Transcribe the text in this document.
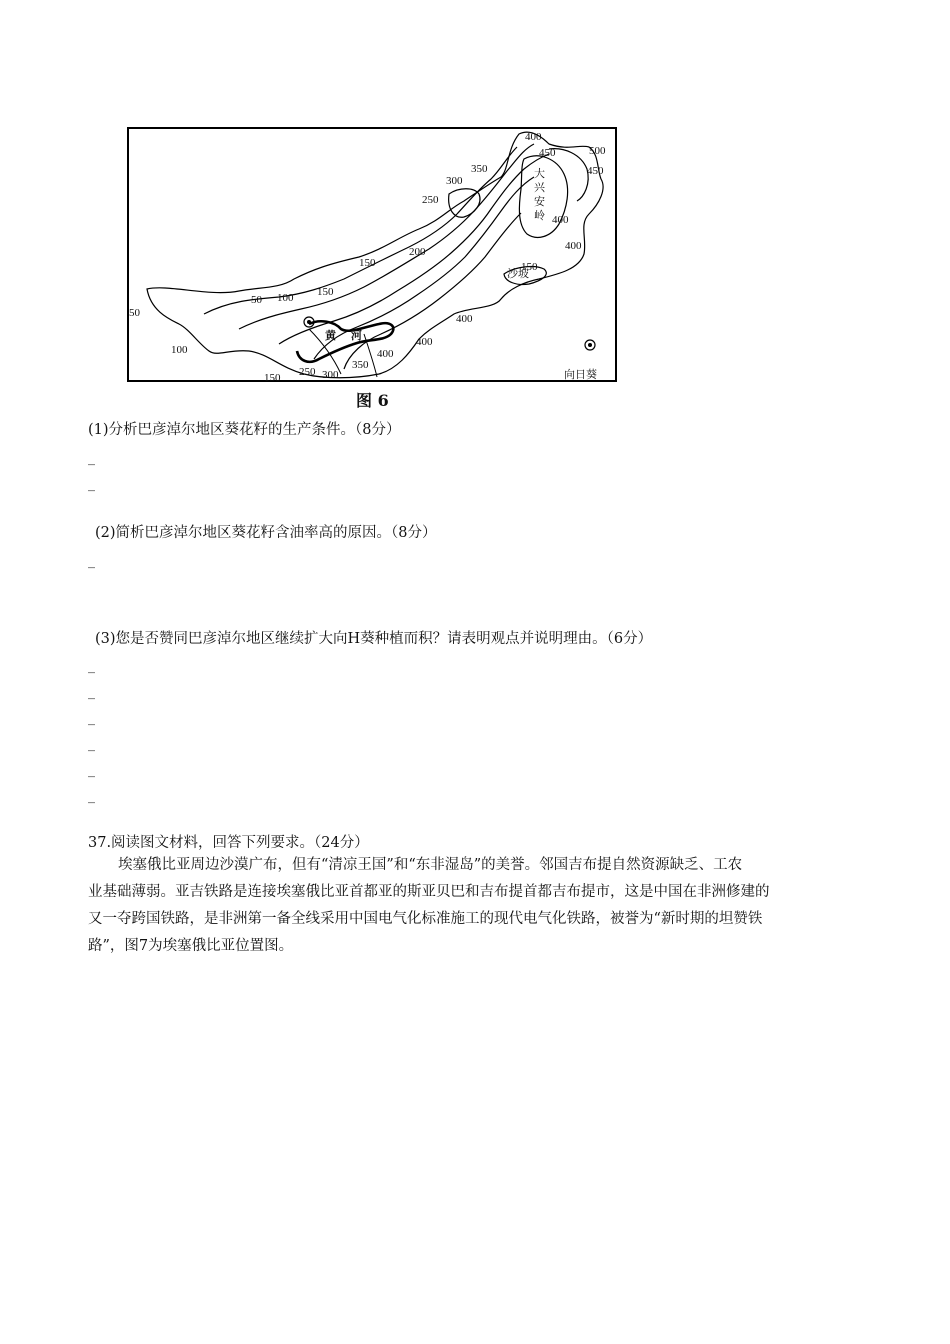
400
500
450
350
300
250
大
兴
安
岭
450
400
400
200
150
沙坡
150
50 100 150
50
100
黄 河
400
400
350
400
150 250 300	向日葵
图 6
(1)分析巴彦淖尔地区葵花籽的生产条件。（8分）
_
_
(2)简析巴彦淖尔地区葵花籽含油率高的原因。（8分）
_
(3)您是否赞同巴彦淖尔地区继续扩大向H葵种植而积？请表明观点并说明理由。（6分）
_
_
_
_
_
_
37.阅读图文材料，回答下列要求。（24分）
埃塞俄比亚周边沙漠广布，但有“清凉王国”和“东非湿岛”的美誉。邻国吉布提自然资源缺乏、工农
业基础薄弱。亚吉铁路是连接埃塞俄比亚首都亚的斯亚贝巴和吉布提首都吉布提市，这是中国在非洲修建的
又一夺跨国铁路，是非洲第一备全线采用中国电气化标准施工的现代电气化铁路，被誉为“新时期的坦赞铁
路”，图7为埃塞俄比亚位置图。
